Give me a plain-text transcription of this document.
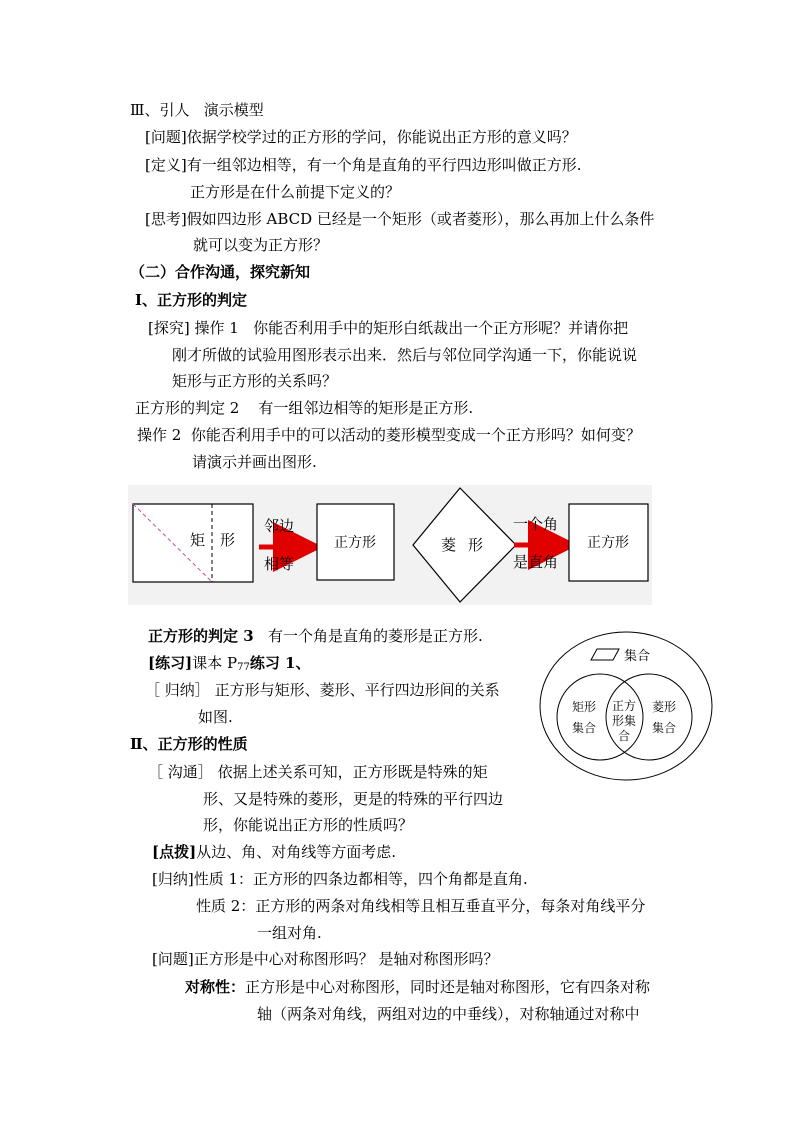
Ⅲ、引人 演示模型
[问题]依据学校学过的正方形的学问，你能说出正方形的意义吗？
[定义]有一组邻边相等，有一个角是直角的平行四边形叫做正方形.
正方形是在什么前提下定义的？
[思考]假如四边形 ABCD 已经是一个矩形（或者菱形），那么再加上什么条件
就可以变为正方形？
（二）合作沟通，探究新知
Ⅰ、正方形的判定
[探究] 操作 1 你能否利用手中的矩形白纸裁出一个正方形呢？并请你把
刚才所做的试验用图形表示出来．然后与邻位同学沟通一下，你能说说
矩形与正方形的关系吗？
正方形的判定 2 有一组邻边相等的矩形是正方形.
操作 2 你能否利用手中的可以活动的菱形模型变成一个正方形吗？如何变？
请演示并画出图形.
矩 形
邻边
相等
正方形	菱 形
一个角
是直角
正方形
正方形的判定 3 有一个角是直角的菱形是正方形.
[练习]课本 $P_{77}$练习 1、
［ 归纳］ 正方形与矩形、菱形、平行四边形间的关系
如图.
集合
矩形
集合
菱形
集合
正方
形集
合
Ⅱ、正方形的性质
［ 沟通］ 依据上述关系可知，正方形既是特殊的矩
形、又是特殊的菱形，更是的特殊的平行四边
形，你能说出正方形的性质吗？
[点拨]从边、角、对角线等方面考虑.
[归纳]性质 1：正方形的四条边都相等，四个角都是直角.
性质 2：正方形的两条对角线相等且相互垂直平分，每条对角线平分
一组对角.
[问题]正方形是中心对称图形吗？ 是轴对称图形吗？
对称性：正方形是中心对称图形，同时还是轴对称图形，它有四条对称
轴（两条对角线，两组对边的中垂线），对称轴通过对称中
